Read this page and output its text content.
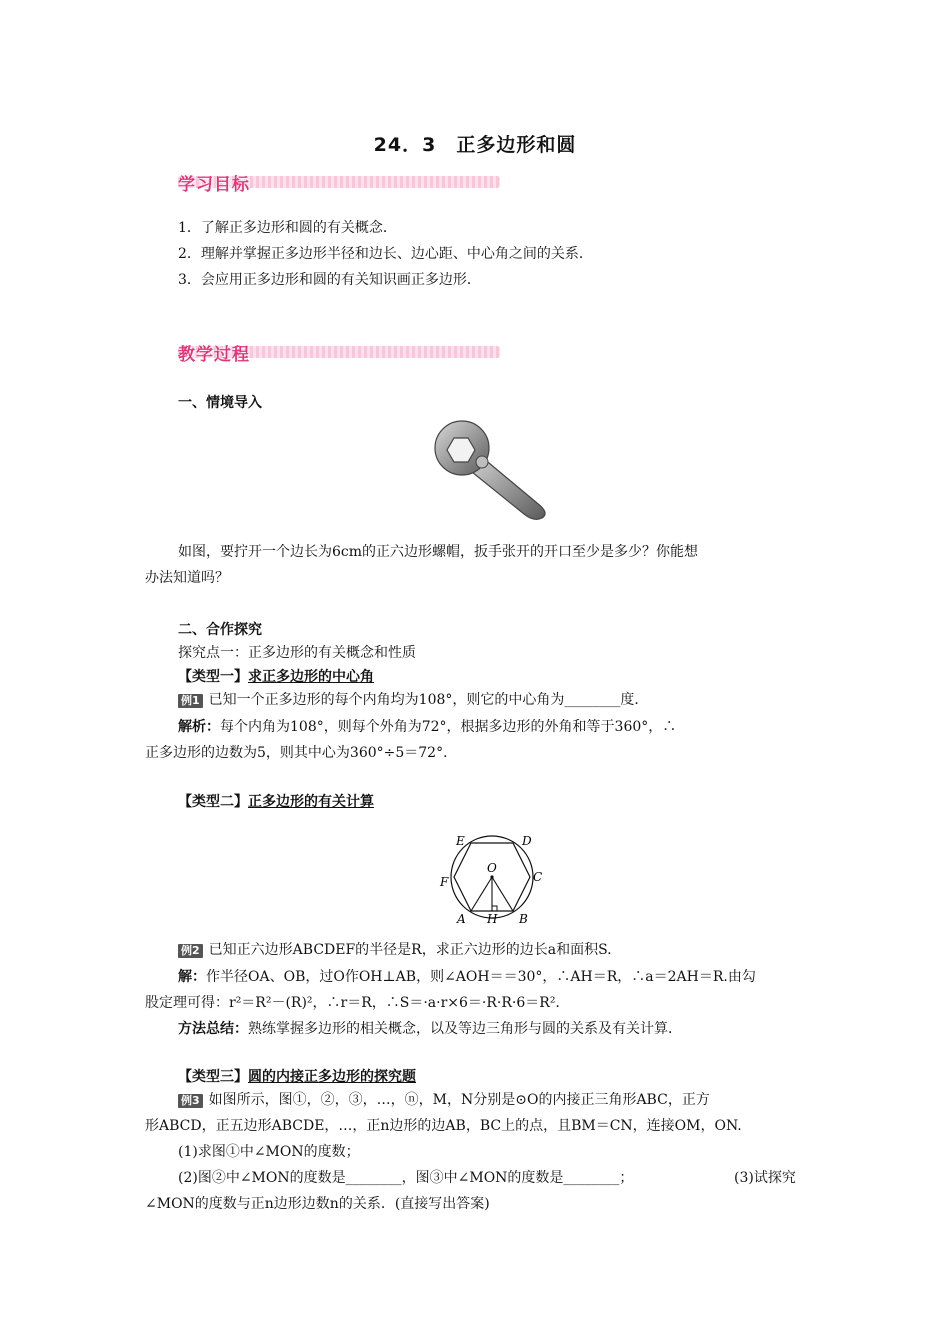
24．3　正多边形和圆
学习目标
1．了解正多边形和圆的有关概念．
2．理解并掌握正多边形半径和边长、边心距、中心角之间的关系．
3．会应用正多边形和圆的有关知识画正多边形．
教学过程
一、情境导入
如图，要拧开一个边长为6cm的正六边形螺帽，扳手张开的开口至少是多少？你能想
办法知道吗？
二、合作探究
探究点一：正多边形的有关概念和性质
【类型一】求正多边形的中心角
例1 已知一个正多边形的每个内角均为108°，则它的中心角为________度．
解析：每个内角为108°，则每个外角为72°，根据多边形的外角和等于360°，∴
正多边形的边数为5，则其中心为360°÷5＝72°．
【类型二】正多边形的有关计算
E	D
O
F	C
A H B
例2 已知正六边形ABCDEF的半径是R，求正六边形的边长a和面积S.
解：作半径OA、OB，过O作OH⊥AB，则∠AOH＝＝30°，∴AH＝R，∴a＝2AH＝R.由勾
股定理可得：r²＝R²－(R)²，∴r＝R，∴S＝·a·r×6＝·R·R·6＝R².
方法总结：熟练掌握多边形的相关概念，以及等边三角形与圆的关系及有关计算．
【类型三】圆的内接正多边形的探究题
例3 如图所示，图①，②，③，…，ⓝ，M，N分别是⊙O的内接正三角形ABC，正方
形ABCD，正五边形ABCDE，…，正n边形的边AB，BC上的点，且BM＝CN，连接OM，ON.
(1)求图①中∠MON的度数；
(2)图②中∠MON的度数是________，图③中∠MON的度数是________；	(3)试探究
∠MON的度数与正n边形边数n的关系．(直接写出答案)
